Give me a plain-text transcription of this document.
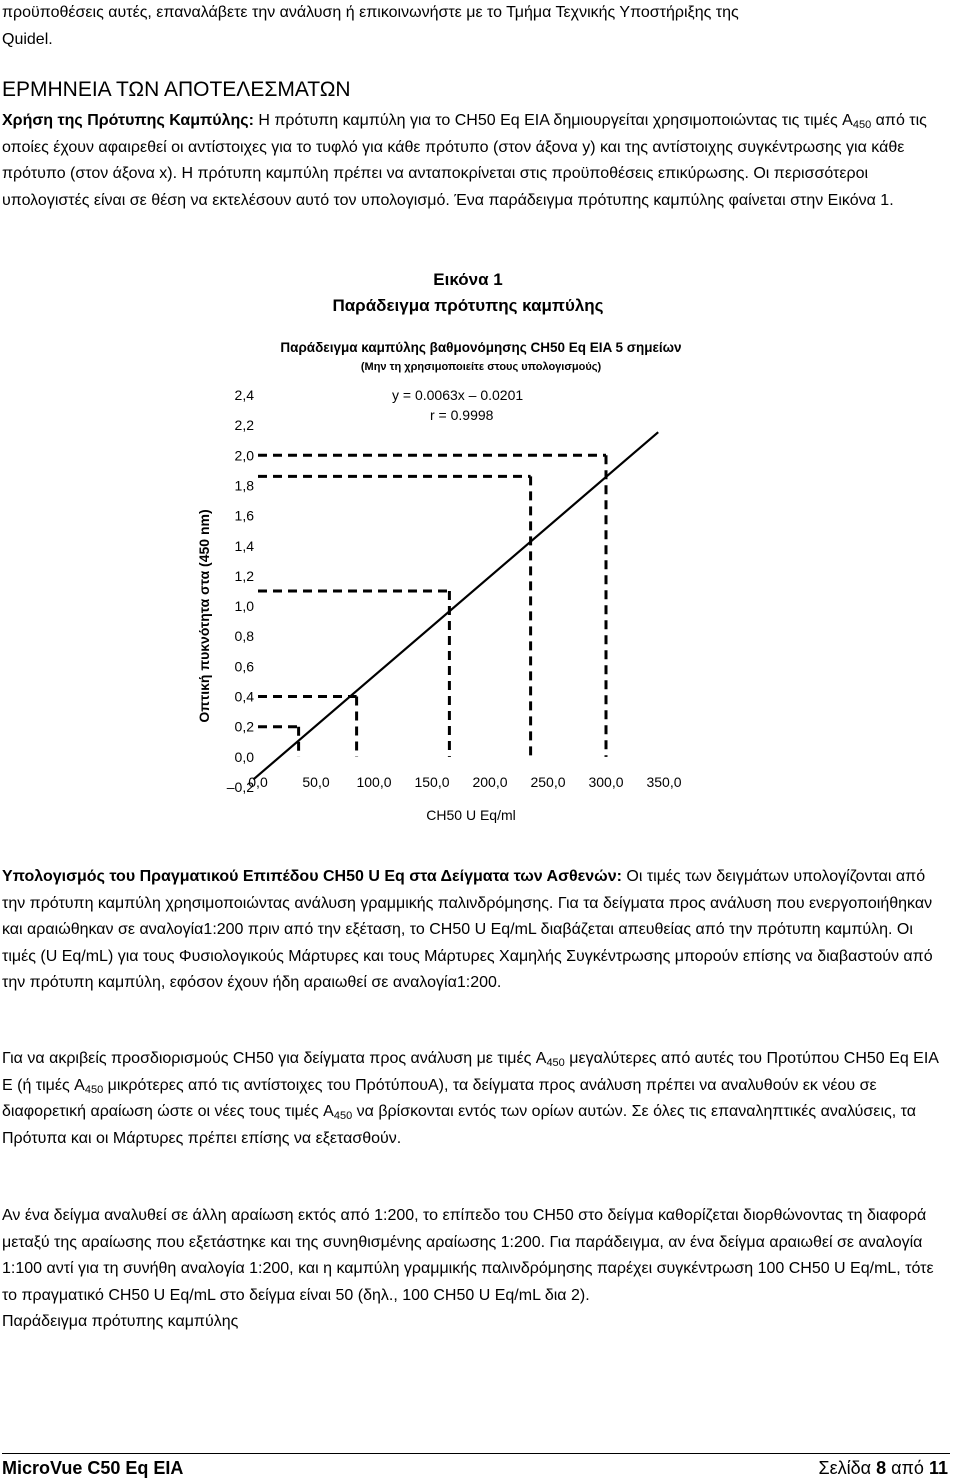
προϋποθέσεις αυτές, επαναλάβετε την ανάλυση ή επικοινωνήστε με το Τμήμα Τεχνικής Υποστήριξης της
Quidel.

ΕΡΜΗΝΕΙΑ ΤΩΝ ΑΠΟΤΕΛΕΣΜΑΤΩΝ

Χρήση της Πρότυπης Καμπύλης: Η πρότυπη καμπύλη για το CH50 Eq EIA δημιουργείται χρησιμοποιώντας τις τιμές $A_{450}$ από τις οποίες έχουν αφαιρεθεί οι αντίστοιχες για το τυφλό για κάθε πρότυπο (στον άξονα y) και της αντίστοιχης συγκέντρωσης για κάθε πρότυπο (στον άξονα x). Η πρότυπη καμπύλη πρέπει να ανταποκρίνεται στις προϋποθέσεις επικύρωσης. Οι περισσότεροι υπολογιστές είναι σε θέση να εκτελέσουν αυτό τον υπολογισμό. Ένα παράδειγμα πρότυπης καμπύλης φαίνεται στην Εικόνα 1.

Εικόνα 1
Παράδειγμα πρότυπης καμπύλης
Παράδειγμα καμπύλης βαθμονόμησης CH50 Eq EIA 5 σημείων
(Μην τη χρησιμοποιείτε στους υπολογισμούς)
y = 0.0063x – 0.0201
r = 0.9998
–0,2
0,0
0,2
0,4
0,6
0,8
1,0
1,2
1,4
1,6
1,8
2,0
2,2
2,4
0,0 50,0 100,0 150,0 200,0 250,0 300,0 350,0
CH50 U Eq/ml
Οπτική πυκνότητα στα (450 nm)

Υπολογισμός του Πραγματικού Επιπέδου CH50 U Eq στα Δείγματα των Ασθενών: Οι τιμές των δειγμάτων υπολογίζονται από την πρότυπη καμπύλη χρησιμοποιώντας ανάλυση γραμμικής παλινδρόμησης. Για τα δείγματα προς ανάλυση που ενεργοποιήθηκαν και αραιώθηκαν σε αναλογία1:200 πριν από την εξέταση, το CH50 U Eq/mL διαβάζεται απευθείας από την πρότυπη καμπύλη. Οι τιμές (U Eq/mL) για τους Φυσιολογικούς Μάρτυρες και τους Μάρτυρες Χαμηλής Συγκέντρωσης μπορούν επίσης να διαβαστούν από την πρότυπη καμπύλη, εφόσον έχουν ήδη αραιωθεί σε αναλογία1:200.

Για να ακριβείς προσδιορισμούς CH50 για δείγματα προς ανάλυση με τιμές $A_{450}$ μεγαλύτερες από αυτές του Προτύπου CH50 Eq EIA E (ή τιμές $A_{450}$ μικρότερες από τις αντίστοιχες του ΠρότύπουA), τα δείγματα προς ανάλυση πρέπει να αναλυθούν εκ νέου σε διαφορετική αραίωση ώστε οι νέες τους τιμές $A_{450}$ να βρίσκονται εντός των ορίων αυτών. Σε όλες τις επαναληπτικές αναλύσεις, τα Πρότυπα και οι Μάρτυρες πρέπει επίσης να εξετασθούν.

Αν ένα δείγμα αναλυθεί σε άλλη αραίωση εκτός από 1:200, το επίπεδο του CH50 στο δείγμα καθορίζεται διορθώνοντας τη διαφορά μεταξύ της αραίωσης που εξετάστηκε και της συνηθισμένης αραίωσης 1:200. Για παράδειγμα, αν ένα δείγμα αραιωθεί σε αναλογία 1:100 αντί για τη συνήθη αναλογία 1:200, και η καμπύλη γραμμικής παλινδρόμησης παρέχει συγκέντρωση 100 CH50 U Eq/mL, τότε το πραγματικό CH50 U Eq/mL στο δείγμα είναι 50 (δηλ., 100 CH50 U Eq/mL δια 2).
Παράδειγμα πρότυπης καμπύλης

MicroVue C50 Eq EIA	Σελίδα 8 από 11
